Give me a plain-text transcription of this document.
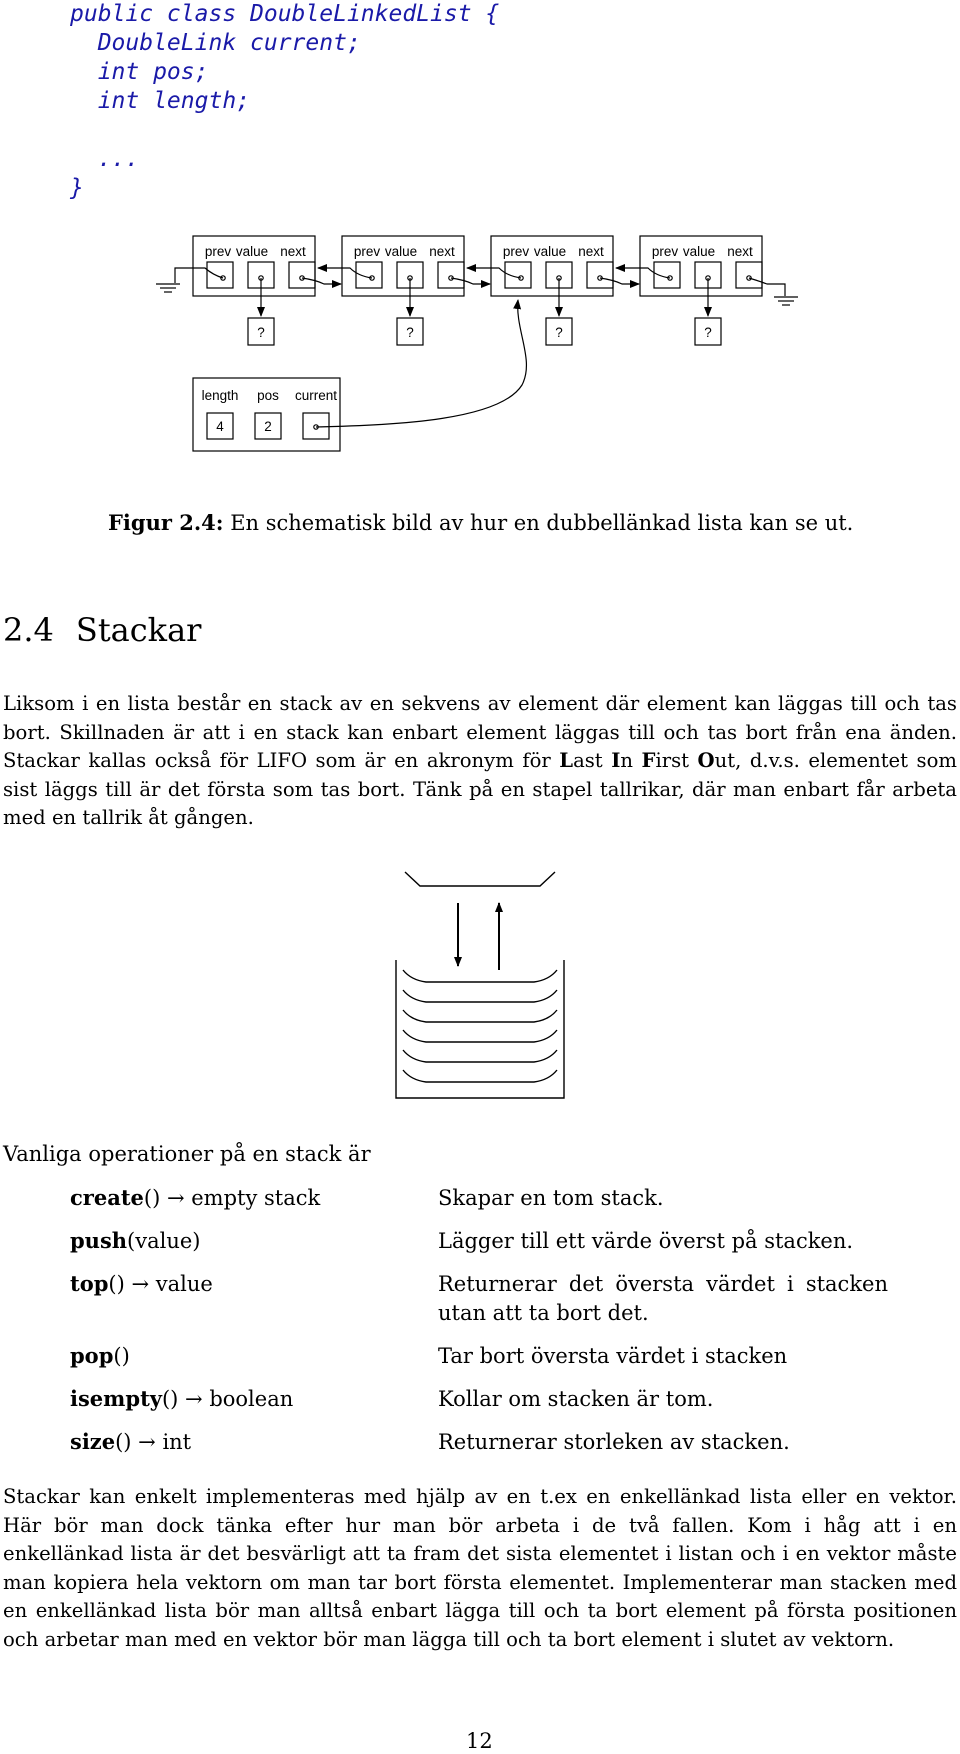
public class DoubleLinkedList {
DoubleLink current;
int pos;
int length;
...
}
prev value next
?
prev value next
?
prev value next
?
prev value next
?
length pos current
4	2
Figur 2.4: En schematisk bild av hur en dubbellänkad lista kan se ut.
2.4 Stackar

Liksom i en lista består en stack av en sekvens av element där element kan läggas till och tas bort. Skillnaden är att i en stack kan enbart element läggas till och tas bort från ena änden. Stackar kallas också för LIFO som är en akronym för Last In First Out, d.v.s. elementet som sist läggs till är det första som tas bort. Tänk på en stapel tallrikar, där man enbart får arbeta med en tallrik åt gången.

Vanliga operationer på en stack är
create() → empty stack	Skapar en tom stack.
push(value)	Lägger till ett värde överst på stacken.
top() → value	Returnerar det översta värdet i stacken utan att ta bort det.
pop()	Tar bort översta värdet i stacken
isempty() → boolean	Kollar om stacken är tom.
size() → int	Returnerar storleken av stacken.

Stackar kan enkelt implementeras med hjälp av en t.ex en enkellänkad lista eller en vektor. Här bör man dock tänka efter hur man bör arbeta i de två fallen. Kom i håg att i en enkellänkad lista är det besvärligt att ta fram det sista elementet i listan och i en vektor måste man kopiera hela vektorn om man tar bort första elementet. Implementerar man stacken med en enkellänkad lista bör man alltså enbart lägga till och ta bort element på första positionen och arbetar man med en vektor bör man lägga till och ta bort element i slutet av vektorn.

12
